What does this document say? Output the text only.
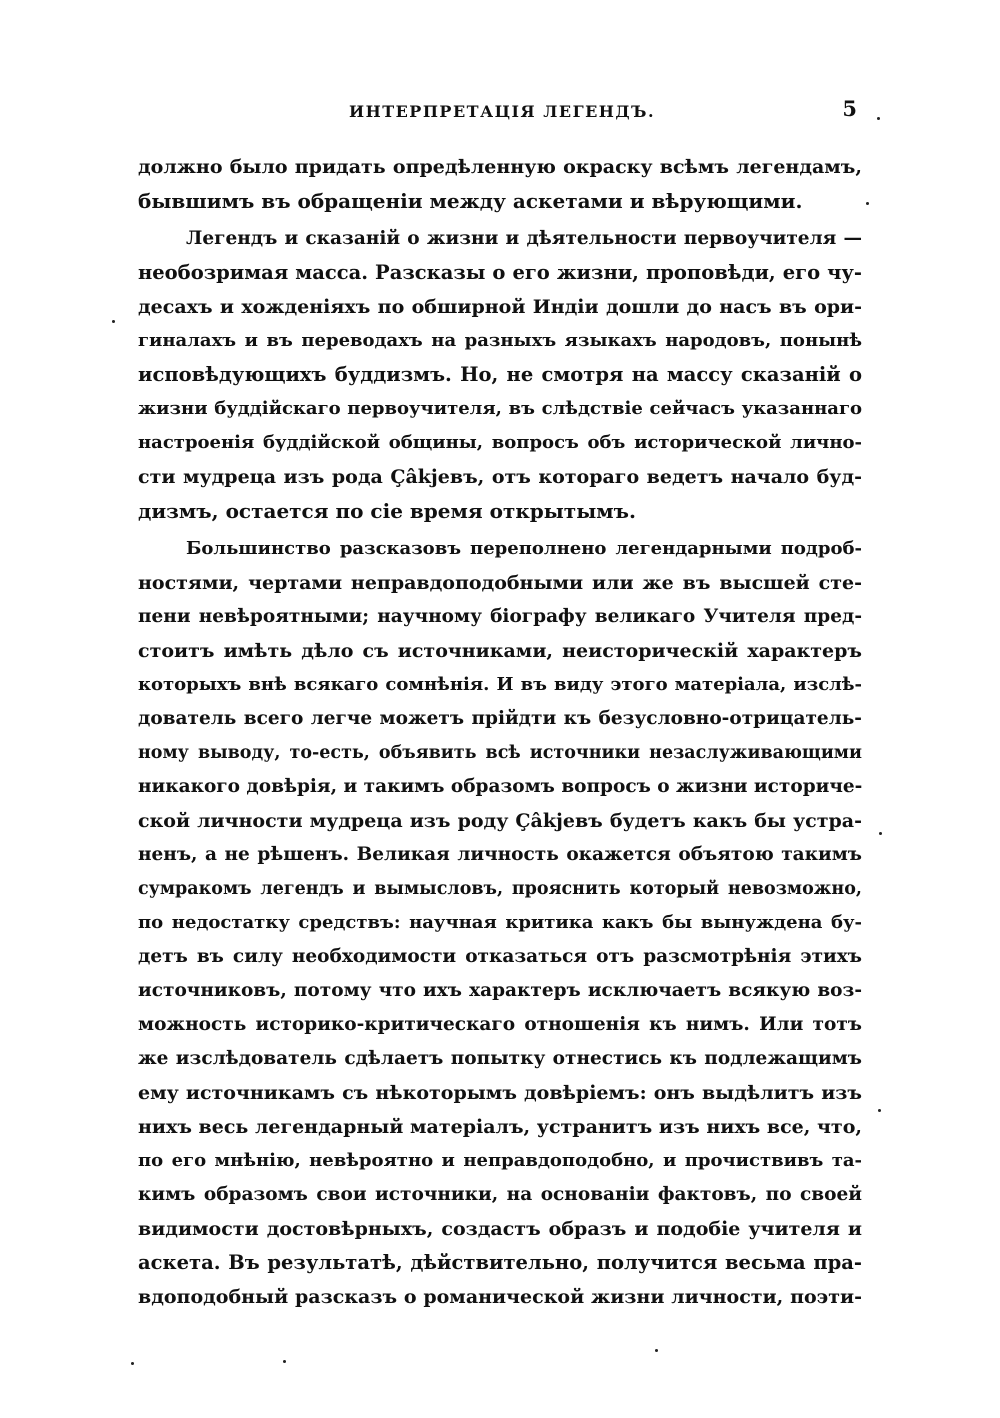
ИНТЕРПРЕТАЦІЯ ЛЕГЕНДЪ.	5
должно было придать опредѣленную окраску всѣмъ легендамъ,
бывшимъ въ обращеніи между аскетами и вѣрующими.
Легендъ и сказаній о жизни и дѣятельности первоучителя —
необозримая масса. Разсказы о его жизни, проповѣди, его чу-
десахъ и хожденіяхъ по обширной Индіи дошли до насъ въ ори-
гиналахъ и въ переводахъ на разныхъ языкахъ народовъ, понынѣ
исповѣдующихъ буддизмъ. Но, не смотря на массу сказаній о
жизни буддійскаго первоучителя, въ слѣдствіе сейчасъ указаннаго
настроенія буддійской общины, вопросъ объ исторической лично-
сти мудреца изъ рода Çâkjевъ, отъ котораго ведетъ начало буд-
дизмъ, остается по сіе время открытымъ.
Большинство разсказовъ переполнено легендарными подроб-
ностями, чертами неправдоподобными или же въ высшей сте-
пени невѣроятными; научному біографу великаго Учителя пред-
стоитъ имѣть дѣло съ источниками, неисторическій характеръ
которыхъ внѣ всякаго сомнѣнія. И въ виду этого матеріала, изслѣ-
дователь всего легче можетъ прійдти къ безусловно-отрицатель-
ному выводу, то-есть, объявить всѣ источники незаслуживающими
никакого довѣрія, и такимъ образомъ вопросъ о жизни историче-
ской личности мудреца изъ роду Çâkjевъ будетъ какъ бы устра-
ненъ, а не рѣшенъ. Великая личность окажется объятою такимъ
сумракомъ легендъ и вымысловъ, прояснить который невозможно,
по недостатку средствъ: научная критика какъ бы вынуждена бу-
детъ въ силу необходимости отказаться отъ разсмотрѣнія этихъ
источниковъ, потому что ихъ характеръ исключаетъ всякую воз-
можность историко-критическаго отношенія къ нимъ. Или тотъ
же изслѣдователь сдѣлаетъ попытку отнестись къ подлежащимъ
ему источникамъ съ нѣкоторымъ довѣріемъ: онъ выдѣлитъ изъ
нихъ весь легендарный матеріалъ, устранитъ изъ нихъ все, что,
по его мнѣнію, невѣроятно и неправдоподобно, и прочиствивъ та-
кимъ образомъ свои источники, на основаніи фактовъ, по своей
видимости достовѣрныхъ, создастъ образъ и подобіе учителя и
аскета. Въ результатѣ, дѣйствительно, получится весьма пра-
вдоподобный разсказъ о романической жизни личности, поэти-
